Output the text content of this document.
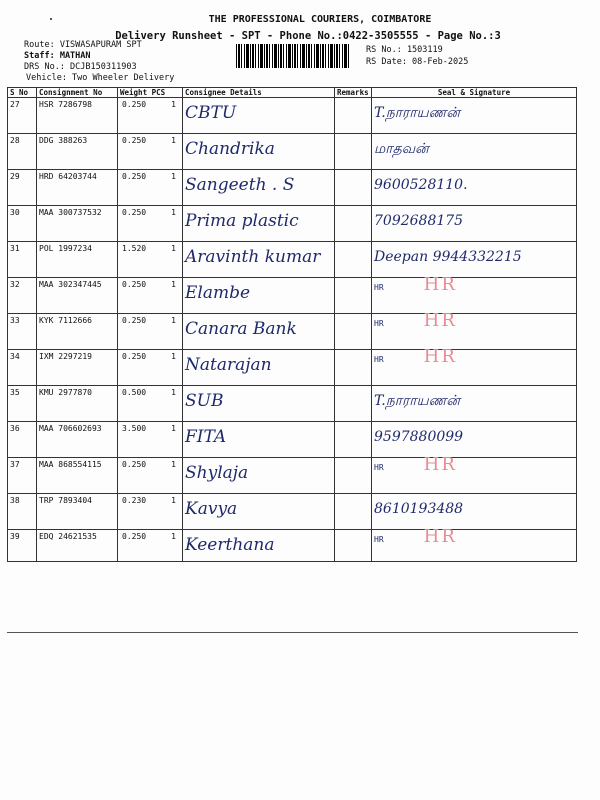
THE PROFESSIONAL COURIERS, COIMBATORE
Delivery Runsheet - SPT - Phone No.:0422-3505555 - Page No.:3
Route: VISWASAPURAM SPT
Staff: MATHAN
DRS No.: DCJB150311903
Vehicle: Two Wheeler Delivery
RS No.: 1503119
RS Date: 08-Feb-2025
S No	Consignment No	Weight PCS	Consignee Details	Remarks	Seal & Signature
27	HSR 7286798	0.250 1	CBTU		T.நாராயணன்
28	DDG 388263	0.250 1	Chandrika		மாதவன்
29	HRD 64203744	0.250 1	Sangeeth . S		9600528110.
30	MAA 300737532	0.250 1	Prima plastic		7092688175
31	POL 1997234	1.520 1	Aravinth kumar		Deepan 9944332215
32	MAA 302347445	0.250 1	Elambe		HR HR
33	KYK 7112666	0.250 1	Canara Bank		HR HR
34	IXM 2297219	0.250 1	Natarajan		HR HR
35	KMU 2977870	0.500 1	SUB		T.நாராயணன்
36	MAA 706602693	3.500 1	FITA		9597880099
37	MAA 868554115	0.250 1	Shylaja		HR HR
38	TRP 7893404	0.230 1	Kavya		8610193488
39	EDQ 24621535	0.250 1	Keerthana		HR HR
